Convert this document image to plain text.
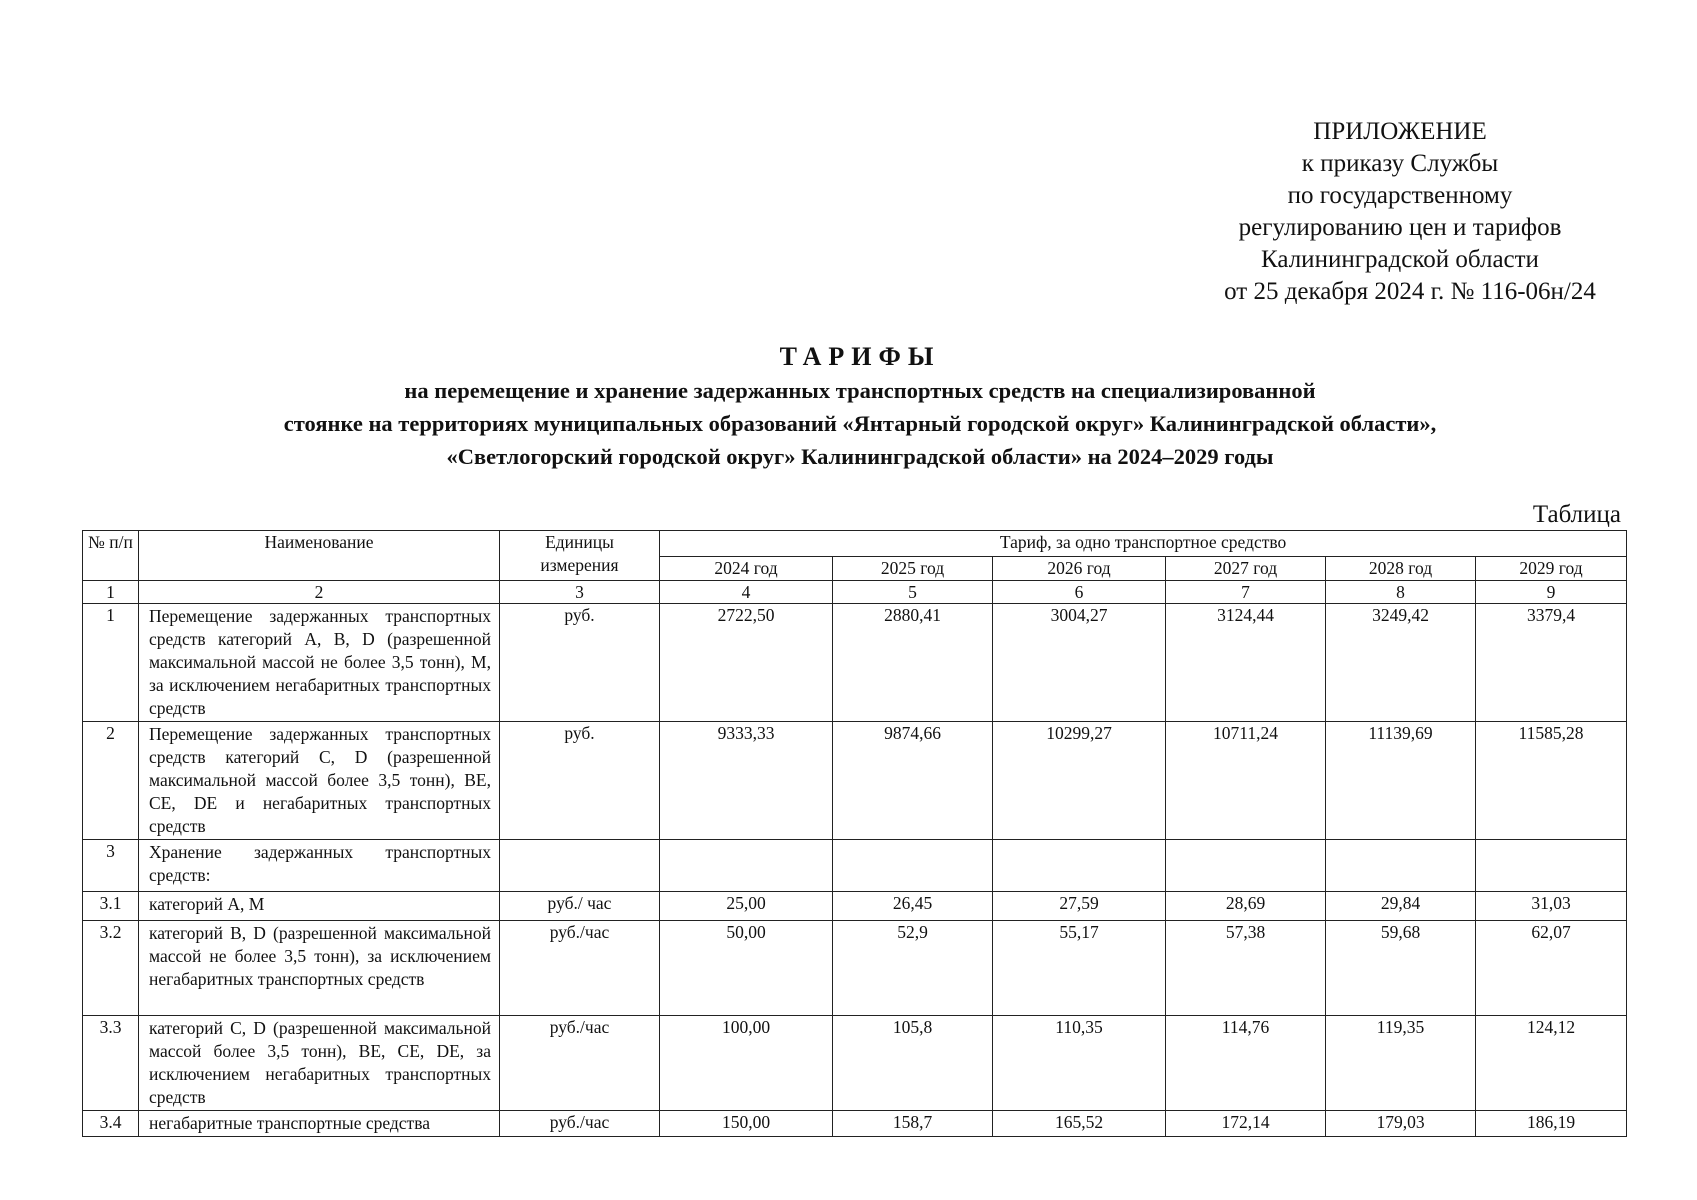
ПРИЛОЖЕНИЕ
к приказу Службы
по государственному
регулированию цен и тарифов
Калининградской области
от 25 декабря 2024 г. № 116-06н/24
ТАРИФЫ
на перемещение и хранение задержанных транспортных средств на специализированной
стоянке на территориях муниципальных образований «Янтарный городской округ» Калининградской области»,
«Светлогорский городской округ» Калининградской области» на 2024–2029 годы
Таблица
№ п/п	Наименование	Единицы измерения	Тариф, за одно транспортное средство					
			2024 год	2025 год	2026 год	2027 год	2028 год	2029 год
1	2	3	4	5	6	7	8	9
1	Перемещение задержанных транспортных средств категорий A, B, D (разрешенной максимальной массой не более 3,5 тонн), M, за исключением негабаритных транспортных средств	руб.	2722,50	2880,41	3004,27	3124,44	3249,42	3379,4
2	Перемещение задержанных транспортных средств категорий C, D (разрешенной максимальной массой более 3,5 тонн), BE, CE, DE и негабаритных транспортных средств	руб.	9333,33	9874,66	10299,27	10711,24	11139,69	11585,28
3	Хранение задержанных транспортных средств:							
3.1	категорий A, M	руб./ час	25,00	26,45	27,59	28,69	29,84	31,03
3.2	категорий B, D (разрешенной максимальной массой не более 3,5 тонн), за исключением негабаритных транспортных средств	руб./час	50,00	52,9	55,17	57,38	59,68	62,07
3.3	категорий C, D (разрешенной максимальной массой более 3,5 тонн), BE, CE, DE, за исключением негабаритных транспортных средств	руб./час	100,00	105,8	110,35	114,76	119,35	124,12
3.4	негабаритные транспортные средства	руб./час	150,00	158,7	165,52	172,14	179,03	186,19
